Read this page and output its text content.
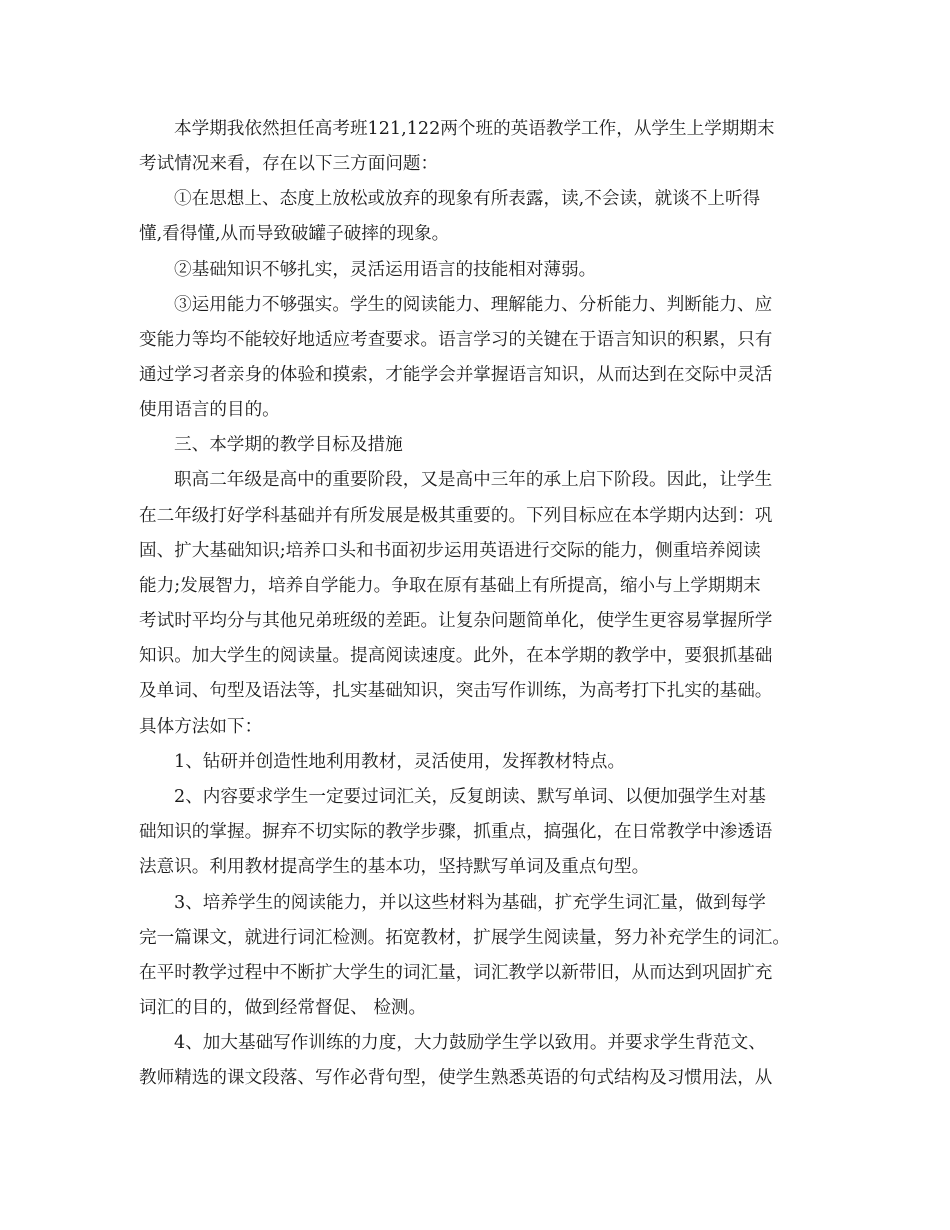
本学期我依然担任高考班121,122两个班的英语教学工作，从学生上学期期末
考试情况来看，存在以下三方面问题：
①在思想上、态度上放松或放弃的现象有所表露，读,不会读，就谈不上听得
懂,看得懂,从而导致破罐子破摔的现象。
②基础知识不够扎实，灵活运用语言的技能相对薄弱。
③运用能力不够强实。学生的阅读能力、理解能力、分析能力、判断能力、应
变能力等均不能较好地适应考查要求。语言学习的关键在于语言知识的积累，只有
通过学习者亲身的体验和摸索，才能学会并掌握语言知识，从而达到在交际中灵活
使用语言的目的。
三、本学期的教学目标及措施
职高二年级是高中的重要阶段，又是高中三年的承上启下阶段。因此，让学生
在二年级打好学科基础并有所发展是极其重要的。下列目标应在本学期内达到：巩
固、扩大基础知识;培养口头和书面初步运用英语进行交际的能力，侧重培养阅读
能力;发展智力，培养自学能力。争取在原有基础上有所提高，缩小与上学期期末
考试时平均分与其他兄弟班级的差距。让复杂问题简单化，使学生更容易掌握所学
知识。加大学生的阅读量。提高阅读速度。此外，在本学期的教学中，要狠抓基础
及单词、句型及语法等，扎实基础知识，突击写作训练，为高考打下扎实的基础。
具体方法如下：
1、钻研并创造性地利用教材，灵活使用，发挥教材特点。
2、内容要求学生一定要过词汇关，反复朗读、默写单词、以便加强学生对基
础知识的掌握。摒弃不切实际的教学步骤，抓重点，搞强化，在日常教学中渗透语
法意识。利用教材提高学生的基本功，坚持默写单词及重点句型。
3、培养学生的阅读能力，并以这些材料为基础，扩充学生词汇量，做到每学
完一篇课文，就进行词汇检测。拓宽教材，扩展学生阅读量，努力补充学生的词汇。
在平时教学过程中不断扩大学生的词汇量，词汇教学以新带旧，从而达到巩固扩充
词汇的目的，做到经常督促、 检测。
4、加大基础写作训练的力度，大力鼓励学生学以致用。并要求学生背范文、
教师精选的课文段落、写作必背句型，使学生熟悉英语的句式结构及习惯用法，从
